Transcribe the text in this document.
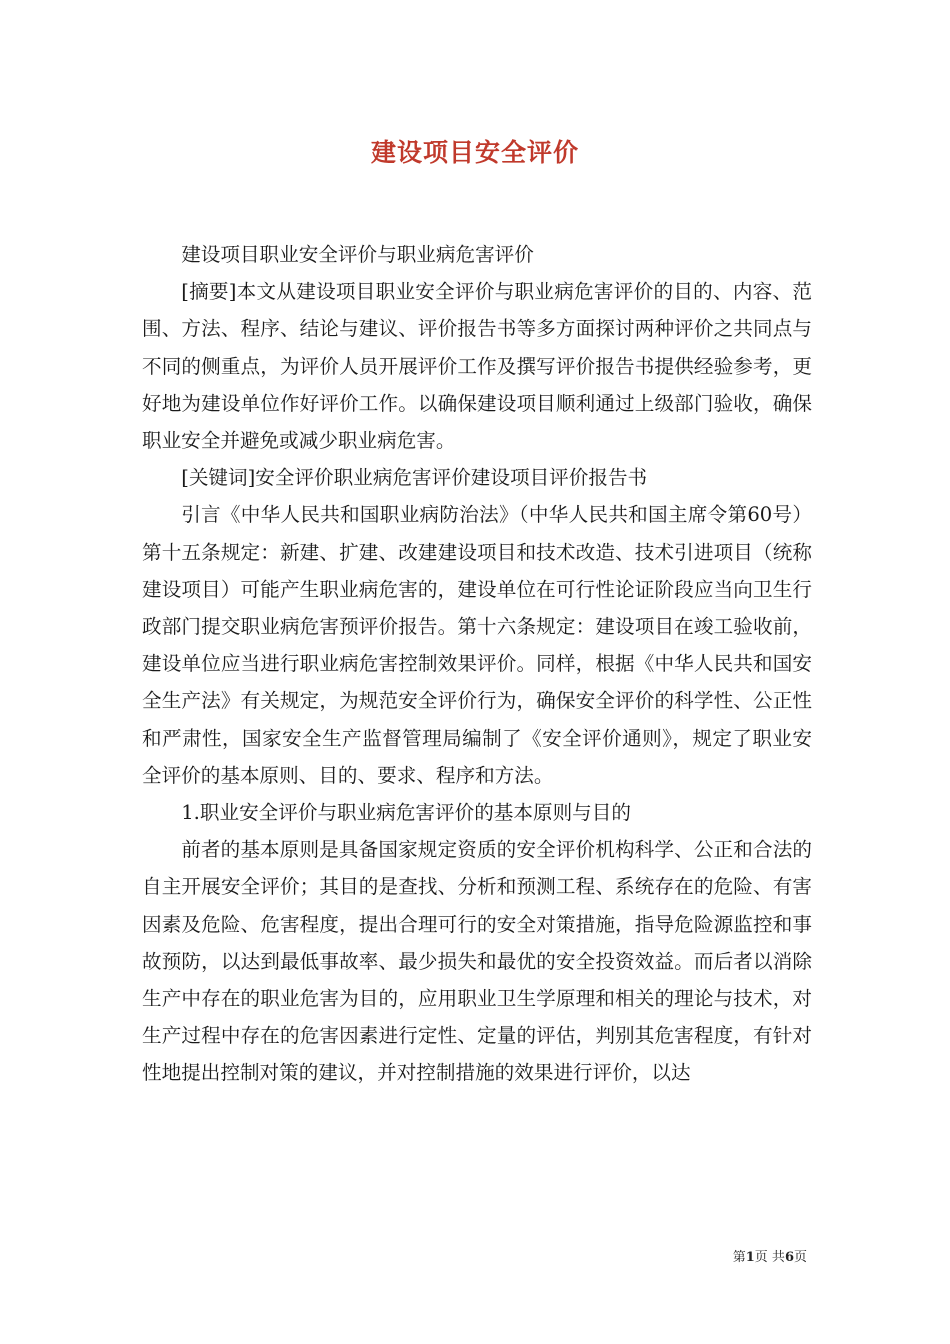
建设项目安全评价

建设项目职业安全评价与职业病危害评价

[摘要]本文从建设项目职业安全评价与职业病危害评价的目的、内容、范围、方法、程序、结论与建议、评价报告书等多方面探讨两种评价之共同点与不同的侧重点，为评价人员开展评价工作及撰写评价报告书提供经验参考，更好地为建设单位作好评价工作。以确保建设项目顺利通过上级部门验收，确保职业安全并避免或减少职业病危害。

[关键词]安全评价职业病危害评价建设项目评价报告书

引言《中华人民共和国职业病防治法》（中华人民共和国主席令第60号）第十五条规定：新建、扩建、改建建设项目和技术改造、技术引进项目（统称建设项目）可能产生职业病危害的，建设单位在可行性论证阶段应当向卫生行政部门提交职业病危害预评价报告。第十六条规定：建设项目在竣工验收前，建设单位应当进行职业病危害控制效果评价。同样，根据《中华人民共和国安全生产法》有关规定，为规范安全评价行为，确保安全评价的科学性、公正性和严肃性，国家安全生产监督管理局编制了《安全评价通则》，规定了职业安全评价的基本原则、目的、要求、程序和方法。

1.职业安全评价与职业病危害评价的基本原则与目的

前者的基本原则是具备国家规定资质的安全评价机构科学、公正和合法的自主开展安全评价；其目的是查找、分析和预测工程、系统存在的危险、有害因素及危险、危害程度，提出合理可行的安全对策措施，指导危险源监控和事故预防，以达到最低事故率、最少损失和最优的安全投资效益。而后者以消除生产中存在的职业危害为目的，应用职业卫生学原理和相关的理论与技术，对生产过程中存在的危害因素进行定性、定量的评估，判别其危害程度，有针对性地提出控制对策的建议，并对控制措施的效果进行评价，以达

第1页 共6页
